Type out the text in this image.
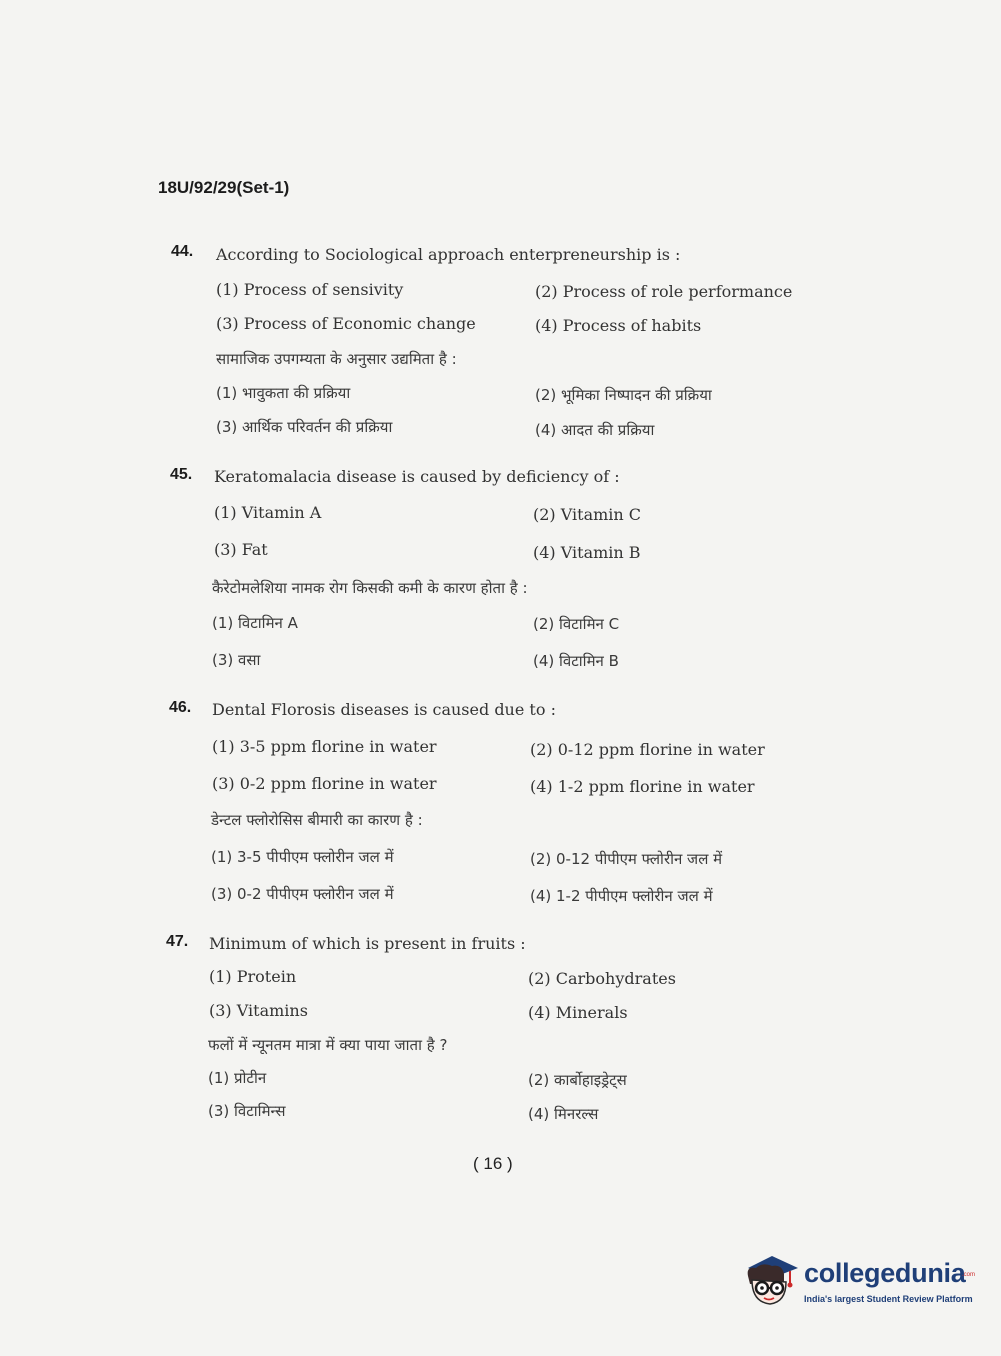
18U/92/29(Set-1)
44. According to Sociological approach enterpreneurship is :
(1) Process of sensivity	(2) Process of role performance
(3) Process of Economic change	(4) Process of habits
सामाजिक उपगम्यता के अनुसार उद्यमिता है :
(1) भावुकता की प्रक्रिया	(2) भूमिका निष्पादन की प्रक्रिया
(3) आर्थिक परिवर्तन की प्रक्रिया	(4) आदत की प्रक्रिया
45. Keratomalacia disease is caused by deficiency of :
(1) Vitamin A	(2) Vitamin C
(3) Fat	(4) Vitamin B
कैरेटोमलेशिया नामक रोग किसकी कमी के कारण होता है :
(1) विटामिन A	(2) विटामिन C
(3) वसा	(4) विटामिन B
46. Dental Florosis diseases is caused due to :
(1) 3-5 ppm florine in water	(2) 0-12 ppm florine in water
(3) 0-2 ppm florine in water	(4) 1-2 ppm florine in water
डेन्टल फ्लोरोसिस बीमारी का कारण है :
(1) 3-5 पीपीएम फ्लोरीन जल में	(2) 0-12 पीपीएम फ्लोरीन जल में
(3) 0-2 पीपीएम फ्लोरीन जल में	(4) 1-2 पीपीएम फ्लोरीन जल में
47. Minimum of which is present in fruits :
(1) Protein	(2) Carbohydrates
(3) Vitamins	(4) Minerals
फलों में न्यूनतम मात्रा में क्या पाया जाता है ?
(1) प्रोटीन	(2) कार्बोहाइड्रेट्स
(3) विटामिन्स	(4) मिनरल्स
( 16 )
collegedunia
.com
India's largest Student Review Platform
